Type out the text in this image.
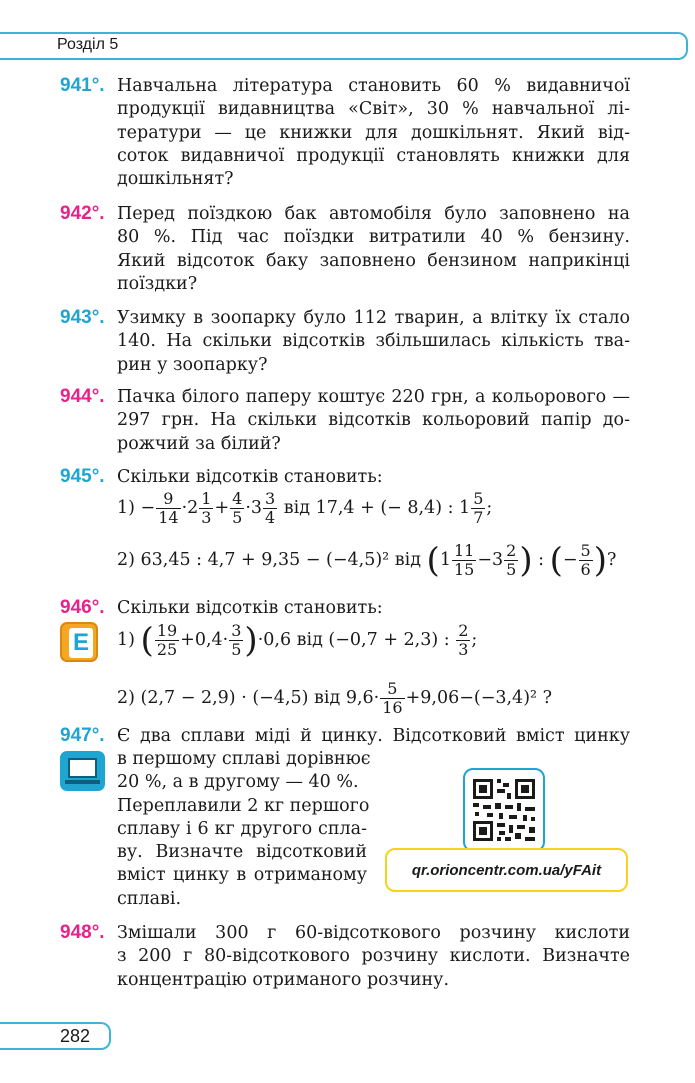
Розділ 5
941°. Навчальна література становить 60 % видавничої
продукції видавництва «Світ», 30 % навчальної лі-
тератури — це книжки для дошкільнят. Який від-
соток видавничої продукції становлять книжки для
дошкільнят?
942°. Перед поїздкою бак автомобіля було заповнено на
80 %. Під час поїздки витратили 40 % бензину.
Який відсоток баку заповнено бензином наприкінці
поїздки?
943°. Узимку в зоопарку було 112 тварин, а влітку їх стало
140. На скільки відсотків збільшилась кількість тва-
рин у зоопарку?
944°. Пачка білого паперу коштує 220 грн, а кольорового —
297 грн. На скільки відсотків кольоровий папір до-
рожчий за білий?
945°. Скільки відсотків становить:
$1) - \frac{9}{14} \cdot 2 \frac{1}{3} + \frac{4}{5} \cdot 3 \frac{3}{4}$ від 17,4 + (− 8,4) : $1 \frac{5}{7}$ ;
2) 63,45 : 4,7 + 9,35 − (−4,5)² від ($1 \frac{11}{15} -3 \frac{2}{5}$ ) : (− $\frac{5}{6}$ )?
946°. Скільки відсотків становить:
E 1) ( $\frac{19}{25} +0,4\cdot \frac{3}{5} )\cdot 0,6$ від (−0,7 + 2,3) : $\frac{2}{3}$ ;
2) (2,7 − 2,9) · (−4,5) від $9,6\cdot \frac{5}{16} +9,06-(-3,4)^2$ ?
947°. Є два сплави міді й цинку. Відсотковий вміст цинку
в першому сплаві дорівнює
20 %, а в другому — 40 %.
Переплавили 2 кг першого
сплаву і 6 кг другого спла-
ву. Визначте відсотковий
вміст цинку в отриманому
сплаві.
qr.orioncentr.com.ua/yFAit
948°. Змішали 300 г 60-відсоткового розчину кислоти
з 200 г 80-відсоткового розчину кислоти. Визначте
концентрацію отриманого розчину.
282
